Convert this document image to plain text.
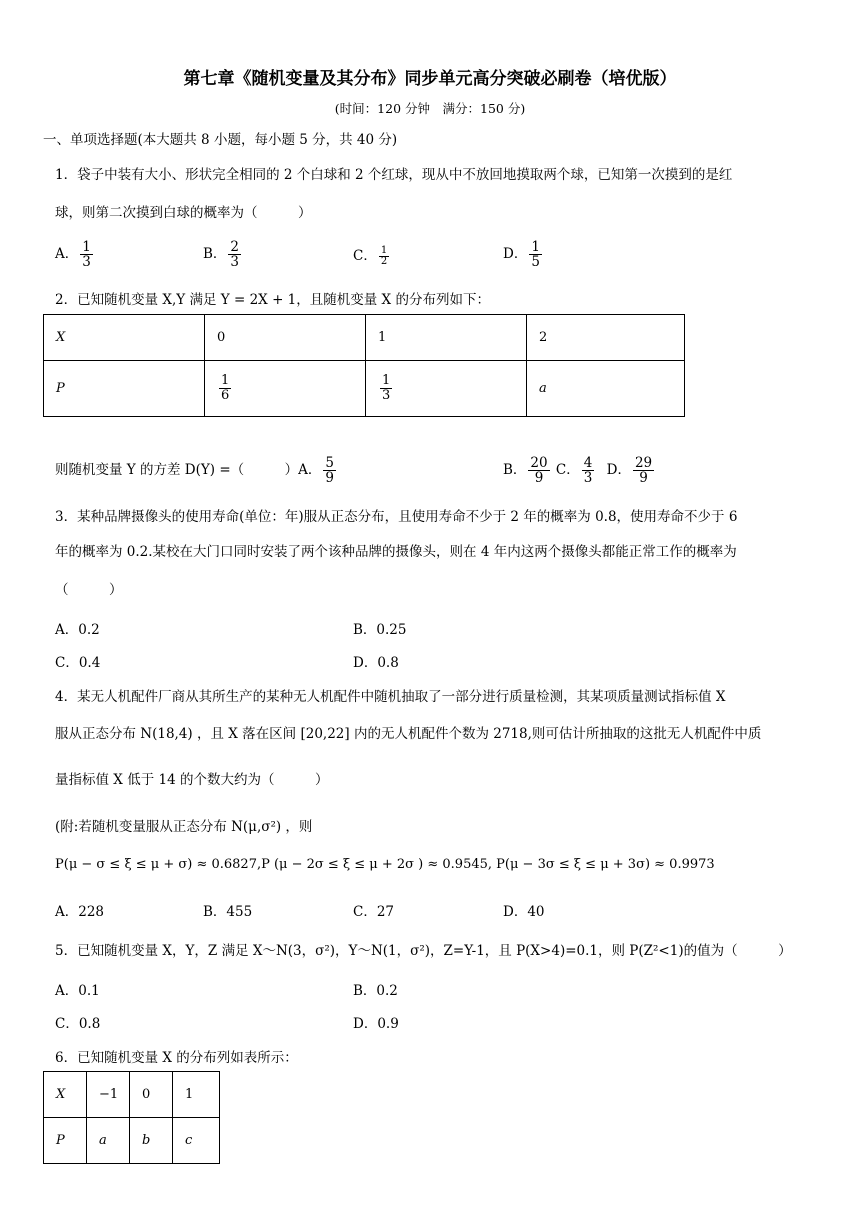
第七章《随机变量及其分布》同步单元高分突破必刷卷（培优版）
(时间：120 分钟　满分：150 分)
一、单项选择题(本大题共 8 小题，每小题 5 分，共 40 分)
1．袋子中装有大小、形状完全相同的 2 个白球和 2 个红球，现从中不放回地摸取两个球，已知第一次摸到的是红
球，则第二次摸到白球的概率为（　　　）
A． $\frac{1}{3}$	B． $\frac{2}{3}$	C． $\frac{1}{2}$	D． $\frac{1}{5}$
2．已知随机变量 X,Y 满足 Y = 2X + 1，且随机变量 X 的分布列如下：
X	0	1	2
P	$\frac{1}{6}$	$\frac{1}{3}$	a
则随机变量 Y 的方差 D(Y) =（　　　）A． $\frac{5}{9}$	B． $\frac{20}{9}$ C． $\frac{4}{3}$ D． $\frac{29}{9}$
3．某种品牌摄像头的使用寿命(单位：年)服从正态分布，且使用寿命不少于 2 年的概率为 0.8，使用寿命不少于 6
年的概率为 0.2.某校在大门口同时安装了两个该种品牌的摄像头，则在 4 年内这两个摄像头都能正常工作的概率为
（　　　）
A．0.2	B．0.25
C．0.4	D．0.8
4．某无人机配件厂商从其所生产的某种无人机配件中随机抽取了一部分进行质量检测，其某项质量测试指标值 X
服从正态分布 N(18,4) ，且 X 落在区间 [20,22] 内的无人机配件个数为 2718,则可估计所抽取的这批无人机配件中质
量指标值 X 低于 14 的个数大约为（　　　）
(附:若随机变量服从正态分布 N(μ,σ²) ，则
P(μ − σ ≤ ξ ≤ μ + σ) ≈ 0.6827,P (μ − 2σ ≤ ξ ≤ μ + 2σ ) ≈ 0.9545, P(μ − 3σ ≤ ξ ≤ μ + 3σ) ≈ 0.9973
A．228	B．455	C．27	D．40
5．已知随机变量 X，Y，Z 满足 X～N(3，σ²)，Y～N(1，σ²)，Z=Y-1，且 P(X>4)=0.1，则 P(Z²<1)的值为（　　　）
A．0.1	B．0.2
C．0.8	D．0.9
6．已知随机变量 X 的分布列如表所示：
X	−1	0	1
P	a	b	c
